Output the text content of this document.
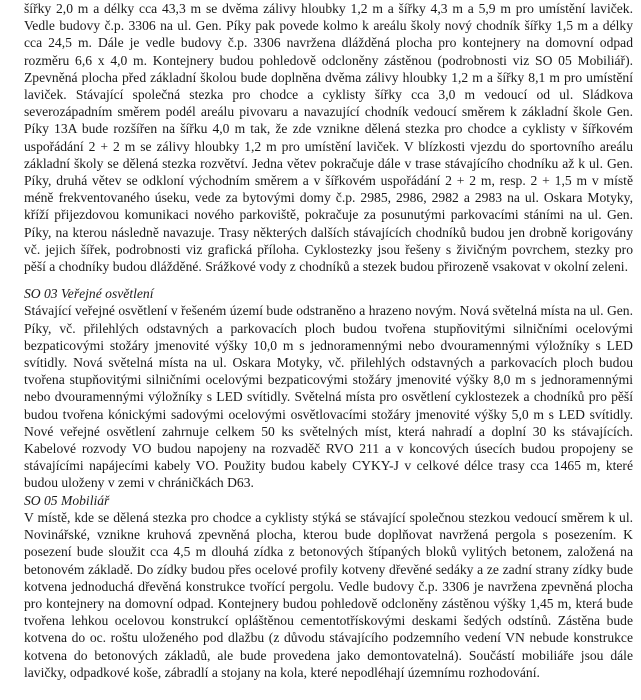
šířky 2,0 m a délky cca 43,3 m se dvěma zálivy hloubky 1,2 m a šířky 4,3 m a 5,9 m pro umístění laviček. Vedle budovy č.p. 3306 na ul. Gen. Píky pak povede kolmo k areálu školy nový chodník šířky 1,5 m a délky cca 24,5 m. Dále je vedle budovy č.p. 3306 navržena dlážděná plocha pro kontejnery na domovní odpad rozměru 6,6 x 4,0 m. Kontejnery budou pohledově odcloněny zástěnou (podrobnosti viz SO 05 Mobiliář). Zpevněná plocha před základní školou bude doplněna dvěma zálivy hloubky 1,2 m a šířky 8,1 m pro umístění laviček. Stávající společná stezka pro chodce a cyklisty šířky cca 3,0 m vedoucí od ul. Sládkova severozápadním směrem podél areálu pivovaru a navazující chodník vedoucí směrem k základní škole Gen. Píky 13A bude rozšířen na šířku 4,0 m tak, že zde vznikne dělená stezka pro chodce a cyklisty v šířkovém uspořádání 2 + 2 m se zálivy hloubky 1,2 m pro umístění laviček. V blízkosti vjezdu do sportovního areálu základní školy se dělená stezka rozvětví. Jedna větev pokračuje dále v trase stávajícího chodníku až k ul. Gen. Píky, druhá větev se odkloní východním směrem a v šířkovém uspořádání 2 + 2 m, resp. 2 + 1,5 m v místě méně frekventovaného úseku, vede za bytovými domy č.p. 2985, 2986, 2982 a 2983 na ul. Oskara Motyky, kříží přijezdovou komunikaci nového parkoviště, pokračuje za posunutými parkovacími stáními na ul. Gen. Píky, na kterou následně navazuje. Trasy některých dalších stávajících chodníků budou jen drobně korigovány vč. jejich šířek, podrobnosti viz grafická příloha. Cyklostezky jsou řešeny s živičným povrchem, stezky pro pěší a chodníky budou dlážděné. Srážkové vody z chodníků a stezek budou přirozeně vsakovat v okolní zeleni.

SO 03 Veřejné osvětlení

Stávající veřejné osvětlení v řešeném území bude odstraněno a hrazeno novým. Nová světelná místa na ul. Gen. Píky, vč. přilehlých odstavných a parkovacích ploch budou tvořena stupňovitými silničními ocelovými bezpaticovými stožáry jmenovité výšky 10,0 m s jednoramennými nebo dvouramennými výložníky s LED svítidly. Nová světelná místa na ul. Oskara Motyky, vč. přilehlých odstavných a parkovacích ploch budou tvořena stupňovitými silničními ocelovými bezpaticovými stožáry jmenovité výšky 8,0 m s jednoramennými nebo dvouramennými výložníky s LED svítidly. Světelná místa pro osvětlení cyklostezek a chodníků pro pěší budou tvořena kónickými sadovými ocelovými osvětlovacími stožáry jmenovité výšky 5,0 m s LED svítidly. Nové veřejné osvětlení zahrnuje celkem 50 ks světelných míst, která nahradí a doplní 30 ks stávajících. Kabelové rozvody VO budou napojeny na rozvaděč RVO 211 a v koncových úsecích budou propojeny se stávajícími napájecími kabely VO. Použity budou kabely CYKY-J v celkové délce trasy cca 1465 m, které budou uloženy v zemi v chráničkách D63.

SO 05 Mobiliář

V místě, kde se dělená stezka pro chodce a cyklisty stýká se stávající společnou stezkou vedoucí směrem k ul. Novinářské, vznikne kruhová zpevněná plocha, kterou bude doplňovat navržená pergola s posezením. K posezení bude sloužit cca 4,5 m dlouhá zídka z betonových štípaných bloků vylitých betonem, založená na betonovém základě. Do zídky budou přes ocelové profily kotveny dřevěné sedáky a ze zadní strany zídky bude kotvena jednoduchá dřevěná konstrukce tvořící pergolu. Vedle budovy č.p. 3306 je navržena zpevněná plocha pro kontejnery na domovní odpad. Kontejnery budou pohledově odcloněny zástěnou výšky 1,45 m, která bude tvořena lehkou ocelovou konstrukcí opláštěnou cementotřískovými deskami šedých odstínů. Zástěna bude kotvena do oc. roštu uloženého pod dlažbu (z důvodu stávajícího podzemního vedení VN nebude konstrukce kotvena do betonových základů, ale bude provedena jako demontovatelná). Součástí mobiliáře jsou dále lavičky, odpadkové koše, zábradlí a stojany na kola, které nepodléhají územnímu rozhodování.
